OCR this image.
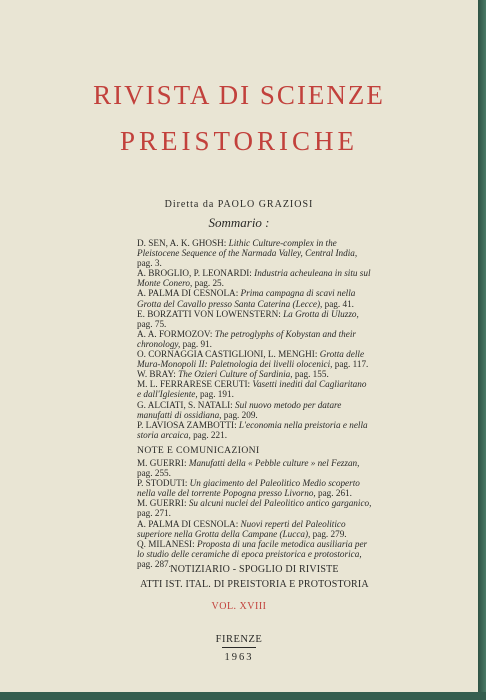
RIVISTA DI SCIENZE
PREISTORICHE
Diretta da PAOLO GRAZIOSI
Sommario :

D. SEN, A. K. GHOSH: Lithic Culture-complex in the Pleistocene Sequence of the Narmada Valley, Central India, pag. 3.

A. BROGLIO, P. LEONARDI: Industria acheuleana in situ sul Monte Conero, pag. 25.

A. PALMA DI CESNOLA: Prima campagna di scavi nella Grotta del Cavallo presso Santa Caterina (Lecce), pag. 41.

E. BORZATTI VON LOWENSTERN: La Grotta di Uluzzo, pag. 75.

A. A. FORMOZOV: The petroglyphs of Kobystan and their chronology, pag. 91.

O. CORNAGGIA CASTIGLIONI, L. MENGHI: Grotta delle Mura-Monopoli II: Paletnologia dei livelli olocenici, pag. 117.

W. BRAY: The Ozieri Culture of Sardinia, pag. 155.

M. L. FERRARESE CERUTI: Vasetti inediti dal Cagliaritano e dall'Iglesiente, pag. 191.

G. ALCIATI, S. NATALI: Sul nuovo metodo per datare manufatti di ossidiana, pag. 209.

P. LAVIOSA ZAMBOTTI: L'economia nella preistoria e nella storia arcaica, pag. 221.

NOTE E COMUNICAZIONI

M. GUERRI: Manufatti della « Pebble culture » nel Fezzan, pag. 255.

P. STODUTI: Un giacimento del Paleolitico Medio scoperto nella valle del torrente Popogna presso Livorno, pag. 261.

M. GUERRI: Su alcuni nuclei del Paleolitico antico garganico, pag. 271.

A. PALMA DI CESNOLA: Nuovi reperti del Paleolitico superiore nella Grotta della Campane (Lucca), pag. 279.

Q. MILANESI: Proposta di una facile metodica ausiliaria per lo studio delle ceramiche di epoca preistorica e protostorica, pag. 287.

NOTIZIARIO - SPOGLIO DI RIVISTE
ATTI IST. ITAL. DI PREISTORIA E PROTOSTORIA
VOL. XVIII
FIRENZE
1963
